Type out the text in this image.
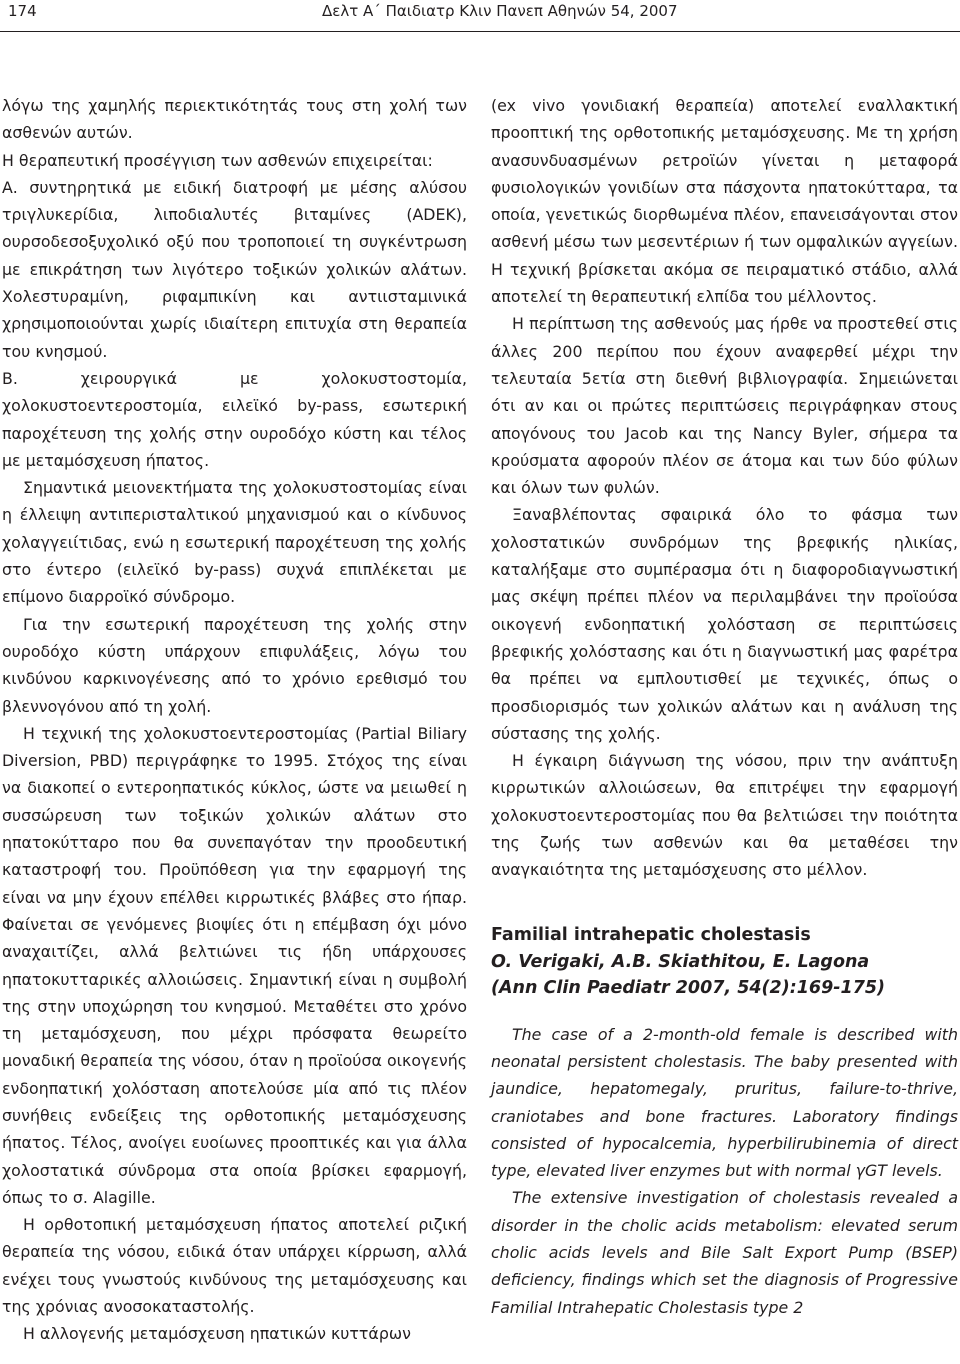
174	Δελτ Α΄ Παιδιατρ Κλιν Πανεπ Αθηνών 54, 2007

λόγω της χαμηλής περιεκτικότητάς τους στη χολή των ασθενών αυτών.

Η θεραπευτική προσέγγιση των ασθενών επιχειρείται:

Α. συντηρητικά με ειδική διατροφή με μέσης αλύσου τριγλυκερίδια, λιποδιαλυτές βιταμίνες (ADEK), ουρσοδεσοξυχολικό οξύ που τροποποιεί τη συγκέντρωση με επικράτηση των λιγότερο τοξικών χολικών αλάτων. Χολεστυραμίνη, ριφαμπικίνη και αντιισταμινικά χρησιμοποιούνται χωρίς ιδιαίτερη επιτυχία στη θεραπεία του κνησμού.

Β. χειρουργικά με χολοκυστοστομία, χολοκυστοεντεροστομία, ειλεϊκό by-pass, εσωτερική παροχέτευση της χολής στην ουροδόχο κύστη και τέλος με μεταμόσχευση ήπατος.

Σημαντικά μειονεκτήματα της χολοκυστοστομίας είναι η έλλειψη αντιπερισταλτικού μηχανισμού και ο κίνδυνος χολαγγειίτιδας, ενώ η εσωτερική παροχέτευση της χολής στο έντερο (ειλεϊκό by-pass) συχνά επιπλέκεται με επίμονο διαρροϊκό σύνδρομο.

Για την εσωτερική παροχέτευση της χολής στην ουροδόχο κύστη υπάρχουν επιφυλάξεις, λόγω του κινδύνου καρκινογένεσης από το χρόνιο ερεθισμό του βλεννογόνου από τη χολή.

Η τεχνική της χολοκυστοεντεροστομίας (Partial Biliary Diversion, PBD) περιγράφηκε το 1995. Στόχος της είναι να διακοπεί ο εντεροηπατικός κύκλος, ώστε να μειωθεί η συσσώρευση των τοξικών χολικών αλάτων στο ηπατοκύτταρο που θα συνεπαγόταν την προοδευτική καταστροφή του. Προϋπόθεση για την εφαρμογή της είναι να μην έχουν επέλθει κιρρωτικές βλάβες στο ήπαρ. Φαίνεται σε γενόμενες βιοψίες ότι η επέμβαση όχι μόνο αναχαιτίζει, αλλά βελτιώνει τις ήδη υπάρχουσες ηπατοκυτταρικές αλλοιώσεις. Σημαντική είναι η συμβολή της στην υποχώρηση του κνησμού. Μεταθέτει στο χρόνο τη μεταμόσχευση, που μέχρι πρόσφατα θεωρείτο μοναδική θεραπεία της νόσου, όταν η προϊούσα οικογενής ενδοηπατική χολόσταση αποτελούσε μία από τις πλέον συνήθεις ενδείξεις της ορθοτοπικής μεταμόσχευσης ήπατος. Τέλος, ανοίγει ευοίωνες προοπτικές και για άλλα χολοστατικά σύνδρομα στα οποία βρίσκει εφαρμογή, όπως το σ. Alagille.

Η ορθοτοπική μεταμόσχευση ήπατος αποτελεί ριζική θεραπεία της νόσου, ειδικά όταν υπάρχει κίρρωση, αλλά ενέχει τους γνωστούς κινδύνους της μεταμόσχευσης και της χρόνιας ανοσοκαταστολής.

Η αλλογενής μεταμόσχευση ηπατικών κυττάρων

(ex vivo γονιδιακή θεραπεία) αποτελεί εναλλακτική προοπτική της ορθοτοπικής μεταμόσχευσης. Με τη χρήση ανασυνδυασμένων ρετροϊών γίνεται η μεταφορά φυσιολογικών γονιδίων στα πάσχοντα ηπατοκύτταρα, τα οποία, γενετικώς διορθωμένα πλέον, επανεισάγονται στον ασθενή μέσω των μεσεντέριων ή των ομφαλικών αγγείων. Η τεχνική βρίσκεται ακόμα σε πειραματικό στάδιο, αλλά αποτελεί τη θεραπευτική ελπίδα του μέλλοντος.

Η περίπτωση της ασθενούς μας ήρθε να προστεθεί στις άλλες 200 περίπου που έχουν αναφερθεί μέχρι την τελευταία 5ετία στη διεθνή βιβλιογραφία. Σημειώνεται ότι αν και οι πρώτες περιπτώσεις περιγράφηκαν στους απογόνους του Jacob και της Nancy Byler, σήμερα τα κρούσματα αφορούν πλέον σε άτομα και των δύο φύλων και όλων των φυλών.

Ξαναβλέποντας σφαιρικά όλο το φάσμα των χολοστατικών συνδρόμων της βρεφικής ηλικίας, καταλήξαμε στο συμπέρασμα ότι η διαφοροδιαγνωστική μας σκέψη πρέπει πλέον να περιλαμβάνει την προϊούσα οικογενή ενδοηπατική χολόσταση σε περιπτώσεις βρεφικής χολόστασης και ότι η διαγνωστική μας φαρέτρα θα πρέπει να εμπλουτισθεί με τεχνικές, όπως ο προσδιορισμός των χολικών αλάτων και η ανάλυση της σύστασης της χολής.

Η έγκαιρη διάγνωση της νόσου, πριν την ανάπτυξη κιρρωτικών αλλοιώσεων, θα επιτρέψει την εφαρμογή χολοκυστοεντεροστομίας που θα βελτιώσει την ποιότητα της ζωής των ασθενών και θα μεταθέσει την αναγκαιότητα της μεταμόσχευσης στο μέλλον.

Familial intrahepatic cholestasis

O. Verigaki, A.B. Skiathitou, E. Lagona

(Ann Clin Paediatr 2007, 54(2):169-175)

The case of a 2-month-old female is described with neonatal persistent cholestasis. The baby presented with jaundice, hepatomegaly, pruritus, failure-to-thrive, craniotabes and bone fractures. Laboratory findings consisted of hypocalcemia, hyperbilirubinemia of direct type, elevated liver enzymes but with normal γGT levels.

The extensive investigation of cholestasis revealed a disorder in the cholic acids metabolism: elevated serum cholic acids levels and Bile Salt Export Pump (BSEP) deficiency, findings which set the diagnosis of Progressive Familial Intrahepatic Cholestasis type 2
